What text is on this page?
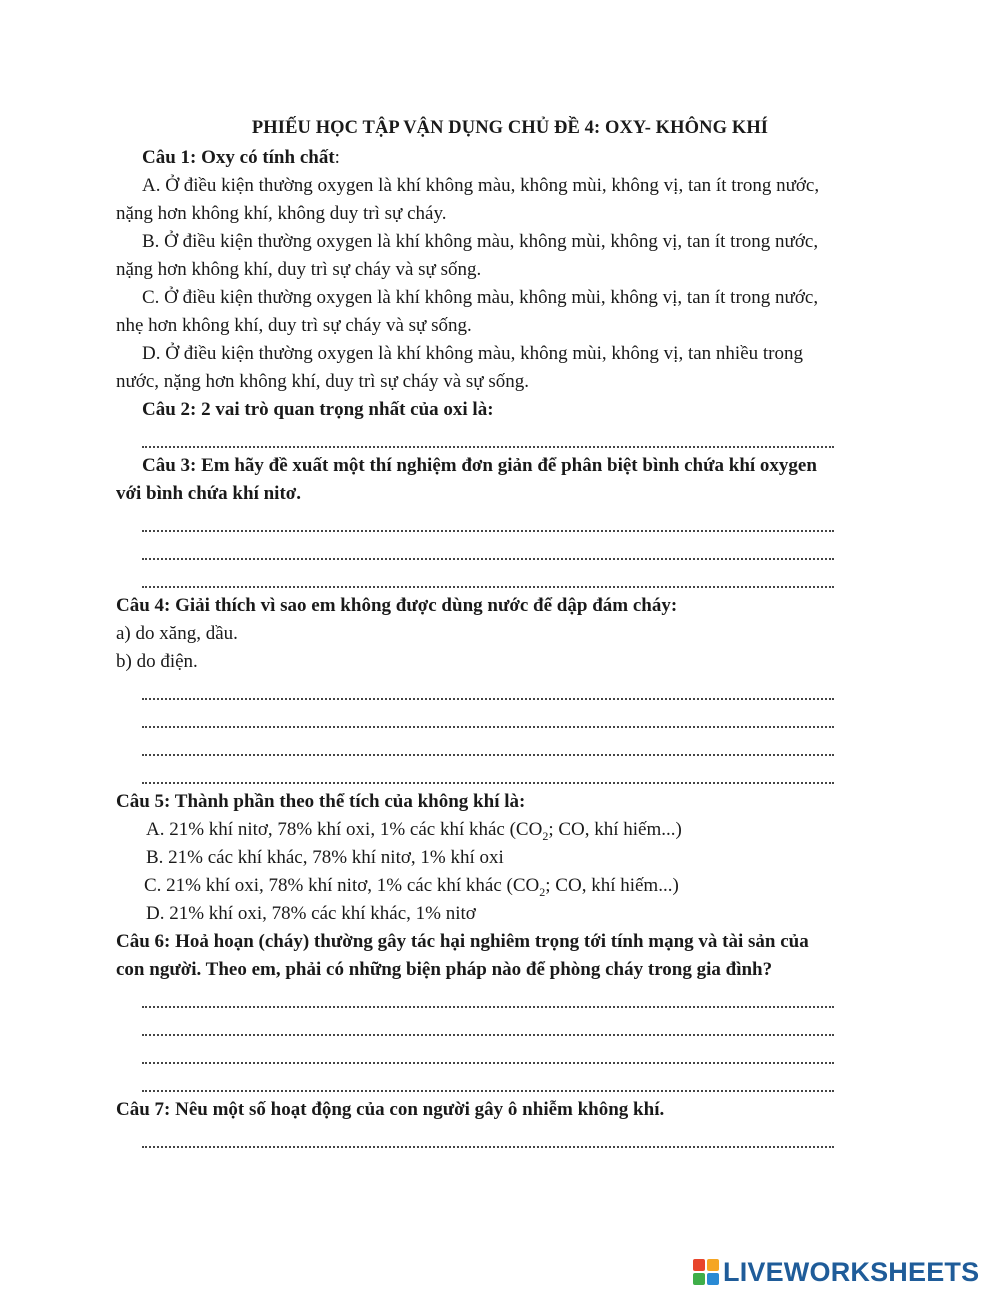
PHIẾU HỌC TẬP VẬN DỤNG CHỦ ĐỀ 4: OXY- KHÔNG KHÍ
Câu 1: Oxy có tính chất:
A. Ở điều kiện thường oxygen là khí không màu, không mùi, không vị, tan ít trong nước,
nặng hơn không khí, không duy trì sự cháy.
B. Ở điều kiện thường oxygen là khí không màu, không mùi, không vị, tan ít trong nước,
nặng hơn không khí, duy trì sự cháy và sự sống.
C. Ở điều kiện thường oxygen là khí không màu, không mùi, không vị, tan ít trong nước,
nhẹ hơn không khí, duy trì sự cháy và sự sống.
D. Ở điều kiện thường oxygen là khí không màu, không mùi, không vị, tan nhiều trong
nước, nặng hơn không khí, duy trì sự cháy và sự sống.
Câu 2: 2 vai trò quan trọng nhất của oxi là:
Câu 3: Em hãy đề xuất một thí nghiệm đơn giản để phân biệt bình chứa khí oxygen
với bình chứa khí nitơ.
Câu 4: Giải thích vì sao em không được dùng nước để dập đám cháy:
a) do xăng, dầu.
b) do điện.
Câu 5: Thành phần theo thể tích của không khí là:
A. 21% khí nitơ, 78% khí oxi, 1% các khí khác ($CO_2$; CO, khí hiếm...)
B. 21% các khí khác, 78% khí nitơ, 1% khí oxi
C. 21% khí oxi, 78% khí nitơ, 1% các khí khác ($CO_2$; CO, khí hiếm...)
D. 21% khí oxi, 78% các khí khác, 1% nitơ
Câu 6: Hoả hoạn (cháy) thường gây tác hại nghiêm trọng tới tính mạng và tài sản của
con người. Theo em, phải có những biện pháp nào để phòng cháy trong gia đình?
Câu 7: Nêu một số hoạt động của con người gây ô nhiễm không khí.
LIVEWORKSHEETS
